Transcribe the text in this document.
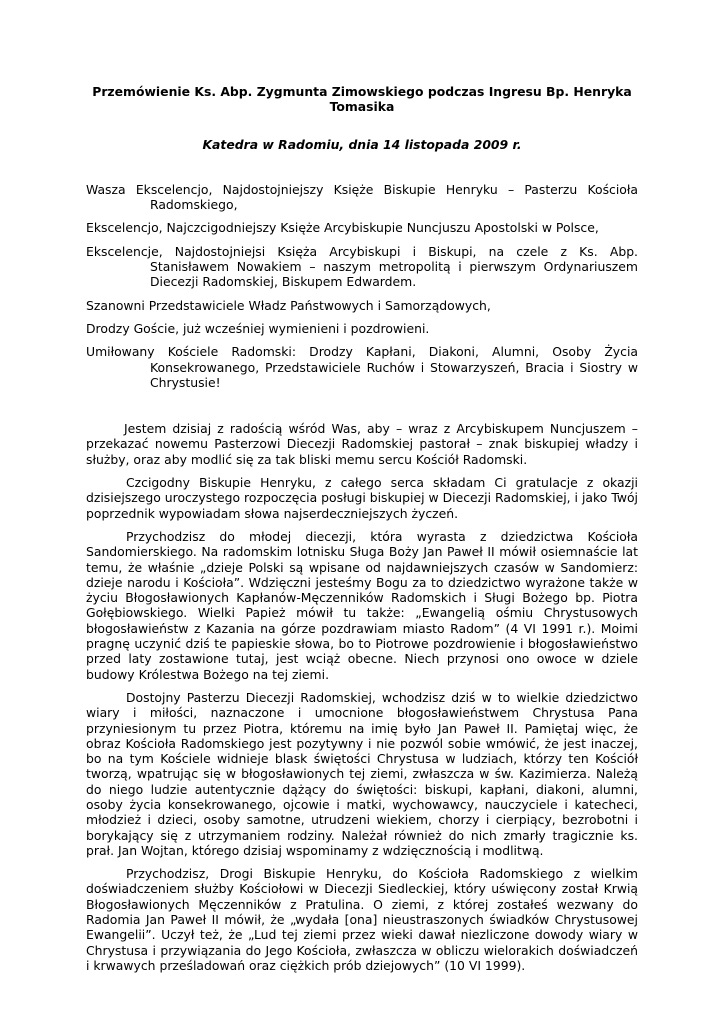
Przemówienie Ks. Abp. Zygmunta Zimowskiego podczas Ingresu Bp. Henryka Tomasika

Katedra w Radomiu, dnia 14 listopada 2009 r.

Wasza Ekscelencjo, Najdostojniejszy Księże Biskupie Henryku – Pasterzu Kościoła Radomskiego,

Ekscelencjo, Najczcigodniejszy Księże Arcybiskupie Nuncjuszu Apostolski w Polsce,

Ekscelencje, Najdostojniejsi Księża Arcybiskupi i Biskupi, na czele z Ks. Abp. Stanisławem Nowakiem – naszym metropolitą i pierwszym Ordynariuszem Diecezji Radomskiej, Biskupem Edwardem.

Szanowni Przedstawiciele Władz Państwowych i Samorządowych,

Drodzy Goście, już wcześniej wymienieni i pozdrowieni.

Umiłowany Kościele Radomski: Drodzy Kapłani, Diakoni, Alumni, Osoby Życia Konsekrowanego, Przedstawiciele Ruchów i Stowarzyszeń, Bracia i Siostry w Chrystusie!

Jestem dzisiaj z radością wśród Was, aby – wraz z Arcybiskupem Nuncjuszem – przekazać nowemu Pasterzowi Diecezji Radomskiej pastorał – znak biskupiej władzy i służby, oraz aby modlić się za tak bliski memu sercu Kościół Radomski.

Czcigodny Biskupie Henryku, z całego serca składam Ci gratulacje z okazji dzisiejszego uroczystego rozpoczęcia posługi biskupiej w Diecezji Radomskiej, i jako Twój poprzednik wypowiadam słowa najserdeczniejszych życzeń.

Przychodzisz do młodej diecezji, która wyrasta z dziedzictwa Kościoła Sandomierskiego. Na radomskim lotnisku Sługa Boży Jan Paweł II mówił osiemnaście lat temu, że właśnie „dzieje Polski są wpisane od najdawniejszych czasów w Sandomierz: dzieje narodu i Kościoła”. Wdzięczni jesteśmy Bogu za to dziedzictwo wyrażone także w życiu Błogosławionych Kapłanów-Męczenników Radomskich i Sługi Bożego bp. Piotra Gołębiowskiego. Wielki Papież mówił tu także: „Ewangelią ośmiu Chrystusowych błogosławieństw z Kazania na górze pozdrawiam miasto Radom” (4 VI 1991 r.). Moimi pragnę uczynić dziś te papieskie słowa, bo to Piotrowe pozdrowienie i błogosławieństwo przed laty zostawione tutaj, jest wciąż obecne. Niech przynosi ono owoce w dziele budowy Królestwa Bożego na tej ziemi.

Dostojny Pasterzu Diecezji Radomskiej, wchodzisz dziś w to wielkie dziedzictwo wiary i miłości, naznaczone i umocnione błogosławieństwem Chrystusa Pana przyniesionym tu przez Piotra, któremu na imię było Jan Paweł II. Pamiętaj więc, że obraz Kościoła Radomskiego jest pozytywny i nie pozwól sobie wmówić, że jest inaczej, bo na tym Kościele widnieje blask świętości Chrystusa w ludziach, którzy ten Kościół tworzą, wpatrując się w błogosławionych tej ziemi, zwłaszcza w św. Kazimierza. Należą do niego ludzie autentycznie dążący do świętości: biskupi, kapłani, diakoni, alumni, osoby życia konsekrowanego, ojcowie i matki, wychowawcy, nauczyciele i katecheci, młodzież i dzieci, osoby samotne, utrudzeni wiekiem, chorzy i cierpiący, bezrobotni i borykający się z utrzymaniem rodziny. Należał również do nich zmarły tragicznie ks. prał. Jan Wojtan, którego dzisiaj wspominamy z wdzięcznością i modlitwą.

Przychodzisz, Drogi Biskupie Henryku, do Kościoła Radomskiego z wielkim doświadczeniem służby Kościołowi w Diecezji Siedleckiej, który uświęcony został Krwią Błogosławionych Męczenników z Pratulina. O ziemi, z której zostałeś wezwany do Radomia Jan Paweł II mówił, że „wydała [ona] nieustraszonych świadków Chrystusowej Ewangelii”. Uczył też, że „Lud tej ziemi przez wieki dawał niezliczone dowody wiary w Chrystusa i przywiązania do Jego Kościoła, zwłaszcza w obliczu wielorakich doświadczeń i krwawych prześladowań oraz ciężkich prób dziejowych” (10 VI 1999).
